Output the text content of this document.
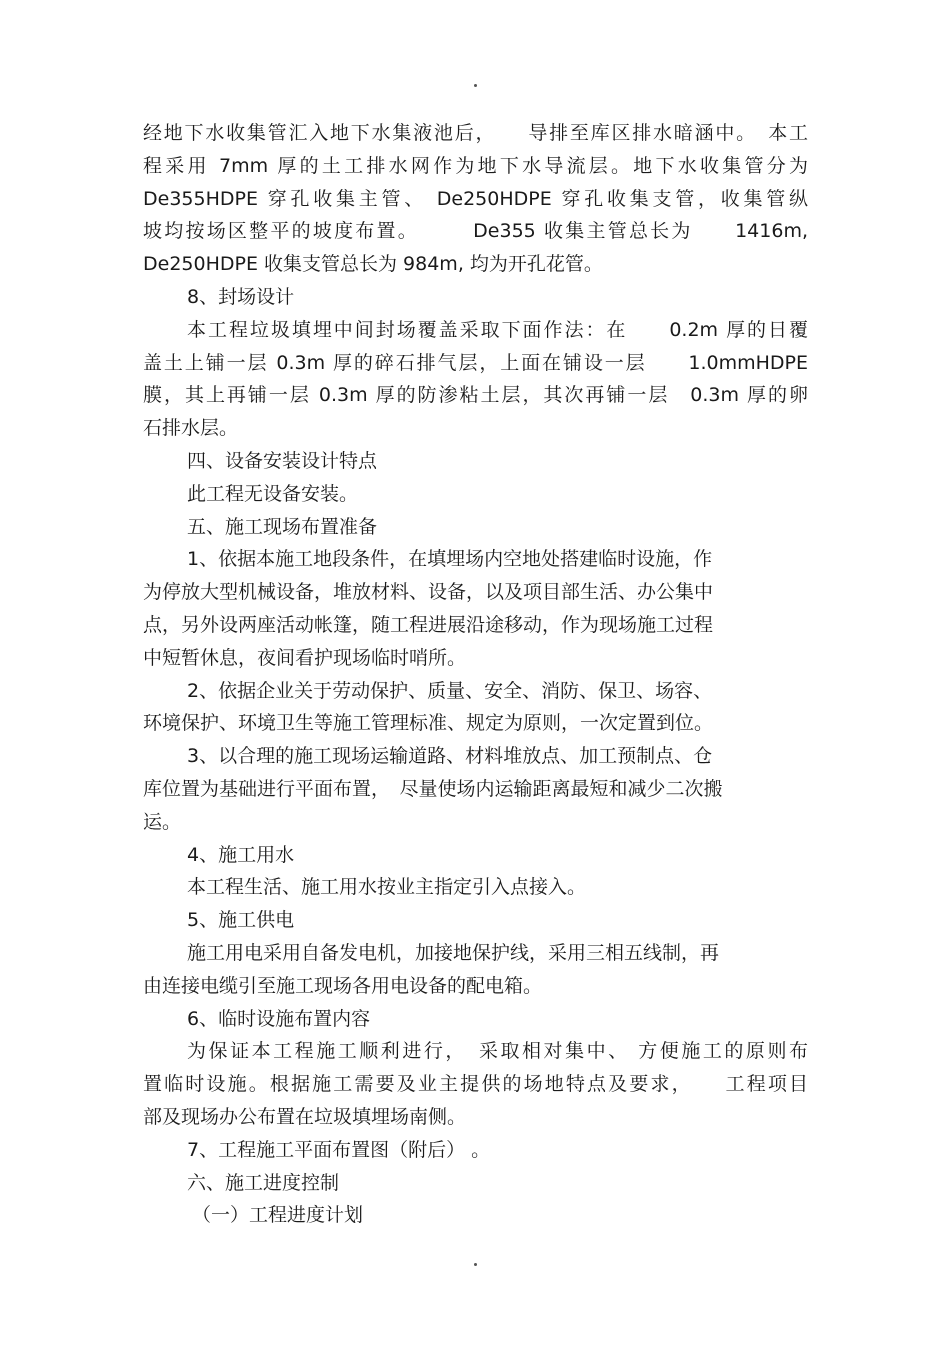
经地下水收集管汇入地下水集液池后，　　导排至库区排水暗涵中。　本工
程采用 7mm 厚的土工排水网作为地下水导流层。地下水收集管分为
De355HDPE 穿孔收集主管、 De250HDPE 穿孔收集支管，收集管纵
坡均按场区整平的坡度布置。　　　De355 收集主管总长为　　1416m,
De250HDPE 收集支管总长为 984m, 均为开孔花管。
8、封场设计
本工程垃圾填埋中间封场覆盖采取下面作法：在　　0.2m 厚的日覆
盖土上铺一层 0.3m 厚的碎石排气层，上面在铺设一层　　1.0mmHDPE
膜，其上再铺一层 0.3m 厚的防渗粘土层，其次再铺一层　0.3m 厚的卵
石排水层。
四、设备安装设计特点
此工程无设备安装。
五、施工现场布置准备
1、依据本施工地段条件，在填埋场内空地处搭建临时设施，作
为停放大型机械设备，堆放材料、设备，以及项目部生活、办公集中
点，另外设两座活动帐篷，随工程进展沿途移动，作为现场施工过程
中短暂休息，夜间看护现场临时哨所。
2、依据企业关于劳动保护、质量、安全、消防、保卫、场容、
环境保护、环境卫生等施工管理标准、规定为原则，一次定置到位。
3、以合理的施工现场运输道路、材料堆放点、加工预制点、仓
库位置为基础进行平面布置，　尽量使场内运输距离最短和减少二次搬
运。
4、施工用水
本工程生活、施工用水按业主指定引入点接入。
5、施工供电
施工用电采用自备发电机，加接地保护线，采用三相五线制，再
由连接电缆引至施工现场各用电设备的配电箱。
6、临时设施布置内容
为保证本工程施工顺利进行，　采取相对集中、 方便施工的原则布
置临时设施。根据施工需要及业主提供的场地特点及要求，　　工程项目
部及现场办公布置在垃圾填埋场南侧。
7、工程施工平面布置图（附后） 。
六、施工进度控制
（一）工程进度计划
